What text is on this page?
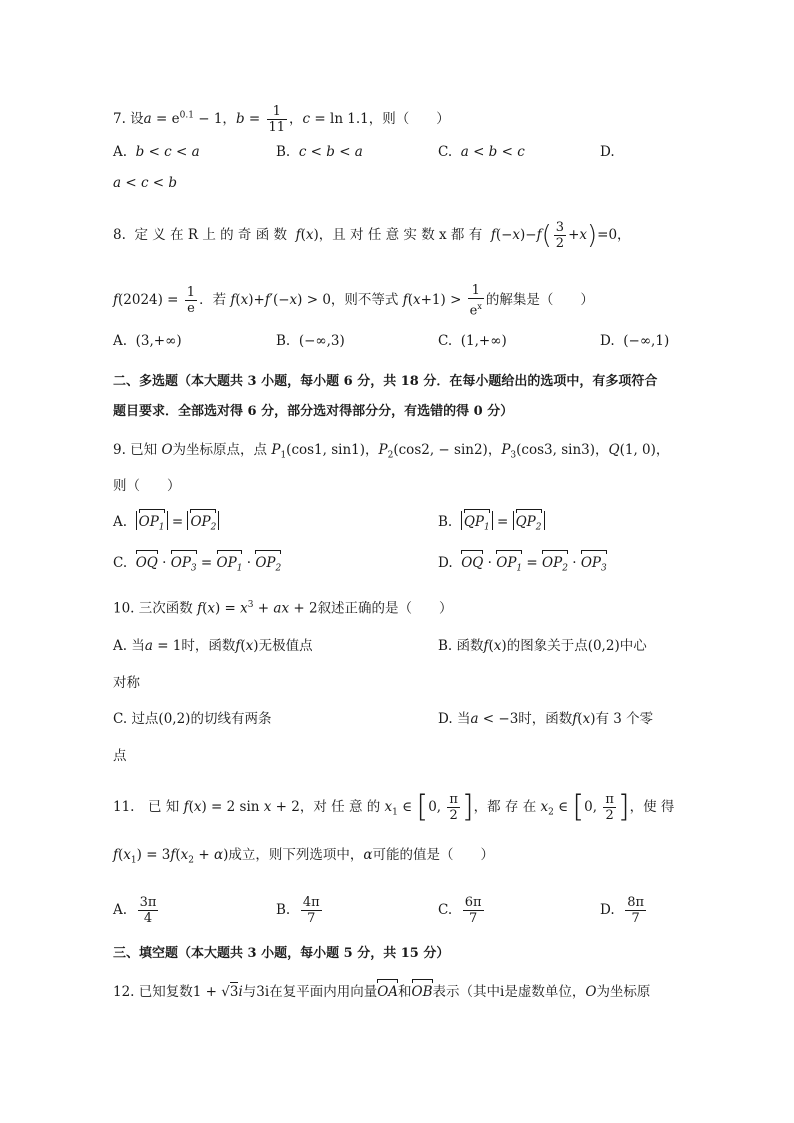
7. 设$a = e^{0.1} - 1$，$b = \frac{1}{11}$ ，c = ln 1.1，则（　　）
A. b < c < a	B. c < b < a	C. a < b < c	D.
a < c < b
8. 定 义 在 R 上 的 奇 函 数 f(x)，且 对 任 意 实 数 x 都 有 $f(-x)-f( \frac{3}{2} +x)=0$，
$f(2024) = \frac{1}{e}$ ．若 f(x)+f′(−x) > 0，则不等式 $f(x+1) > \frac{1}{e^x}$ 的解集是（　　）
A. (3,+∞)	B. (−∞,3)	C. (1,+∞)	D. (−∞,1)
二、多选题（本大题共 3 小题，每小题 6 分，共 18 分．在每小题给出的选项中，有多项符合
题目要求．全部选对得 6 分，部分选对得部分分，有选错的得 0 分）
9. 已知 O为坐标原点，点 $P_1(\cos 1$, sin1)，$P_2(\cos 2$, − sin2)，$P_3(\cos 3$, sin3)，Q(1, 0)，
则（　　）
A. $OP_1 = OP_2$	B. $QP_1 = QP_2$
C. OQ · $OP_3 = OP_1 \cdot OP_2$	D. OQ · $OP_1 = OP_2 \cdot OP_3$
10. 三次函数 $f(x) = x^3$ + ax + 2叙述正确的是（　　）
A. 当a = 1时，函数f(x)无极值点	B. 函数f(x)的图象关于点(0,2)中心
对称
C. 过点(0,2)的切线有两条	D. 当a < −3时，函数f(x)有 3 个零
点
11.　已 知 f(x) = 2 sin x + 2，对 任 意 的 $x_1$ ∈ [0, $\frac{\pi}{2}$ ]，都 存 在 $x_2$ ∈ [0, $\frac{\pi}{2}$ ]，使 得
$f(x_1) = 3f(x_2 + \alpha)$成立，则下列选项中，α可能的值是（　　）
A. $\frac{3\pi}{4}$	B. $\frac{4\pi}{7}$	C. $\frac{6\pi}{7}$	D. $\frac{8\pi}{7}$
三、填空题（本大题共 3 小题，每小题 5 分，共 15 分）
12. 已知复数1 + √3i与3i在复平面内用向量OA和OB表示（其中i是虚数单位，O为坐标原
